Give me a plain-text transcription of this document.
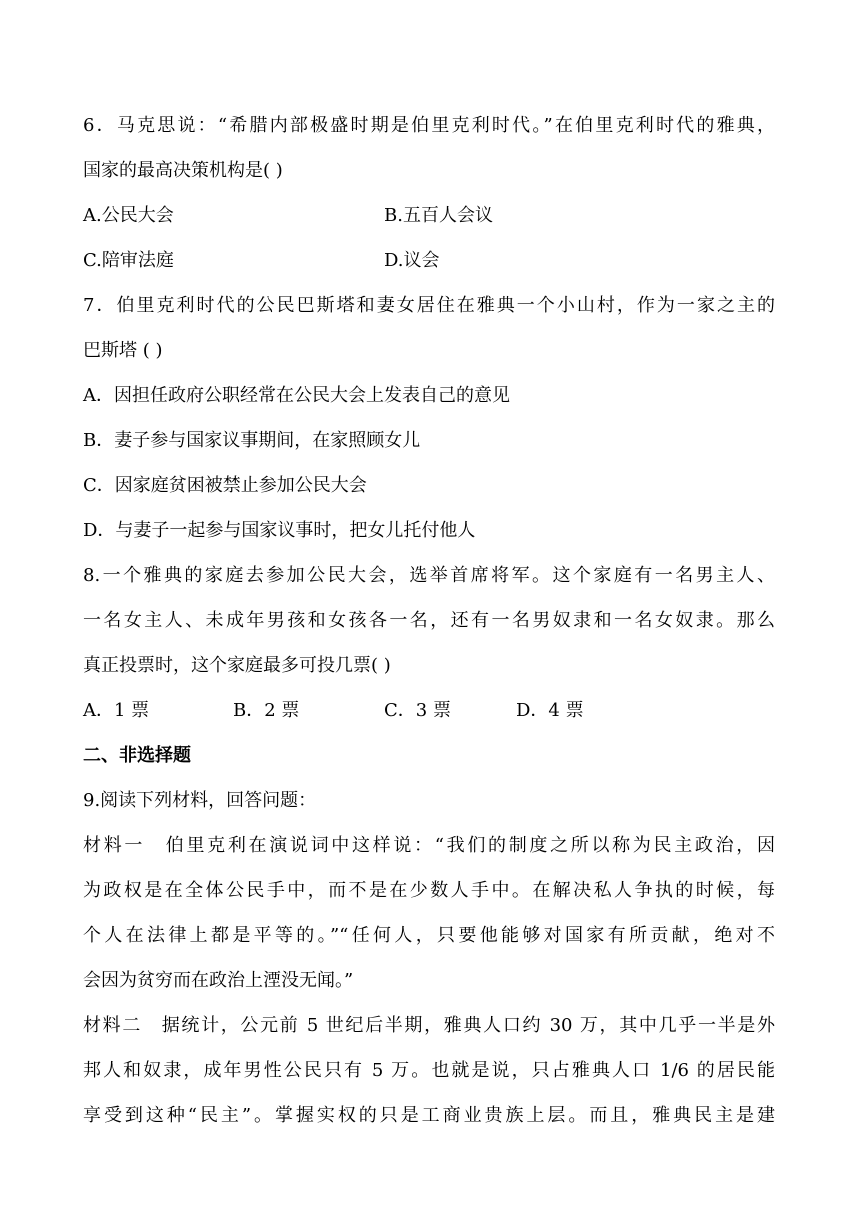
6．马克思说：“希腊内部极盛时期是伯里克利时代。”在伯里克利时代的雅典，
国家的最高决策机构是( )
A.公民大会	B.五百人会议
C.陪审法庭	D.议会
7．伯里克利时代的公民巴斯塔和妻女居住在雅典一个小山村，作为一家之主的
巴斯塔 ( )
A．因担任政府公职经常在公民大会上发表自己的意见
B．妻子参与国家议事期间，在家照顾女儿
C．因家庭贫困被禁止参加公民大会
D．与妻子一起参与国家议事时，把女儿托付他人
8.一个雅典的家庭去参加公民大会，选举首席将军。这个家庭有一名男主人、
一名女主人、未成年男孩和女孩各一名，还有一名男奴隶和一名女奴隶。那么
真正投票时，这个家庭最多可投几票( )
A．1 票	B．2 票	C．3 票	D．4 票
二、非选择题
9.阅读下列材料，回答问题：
材料一　伯里克利在演说词中这样说：“我们的制度之所以称为民主政治，因
为政权是在全体公民手中，而不是在少数人手中。在解决私人争执的时候，每
个人在法律上都是平等的。”“任何人，只要他能够对国家有所贡献，绝对不
会因为贫穷而在政治上湮没无闻。”
材料二　据统计，公元前 5 世纪后半期，雅典人口约 30 万，其中几乎一半是外
邦人和奴隶，成年男性公民只有 5 万。也就是说，只占雅典人口 1/6 的居民能
享受到这种“民主”。掌握实权的只是工商业贵族上层。而且，雅典民主是建
